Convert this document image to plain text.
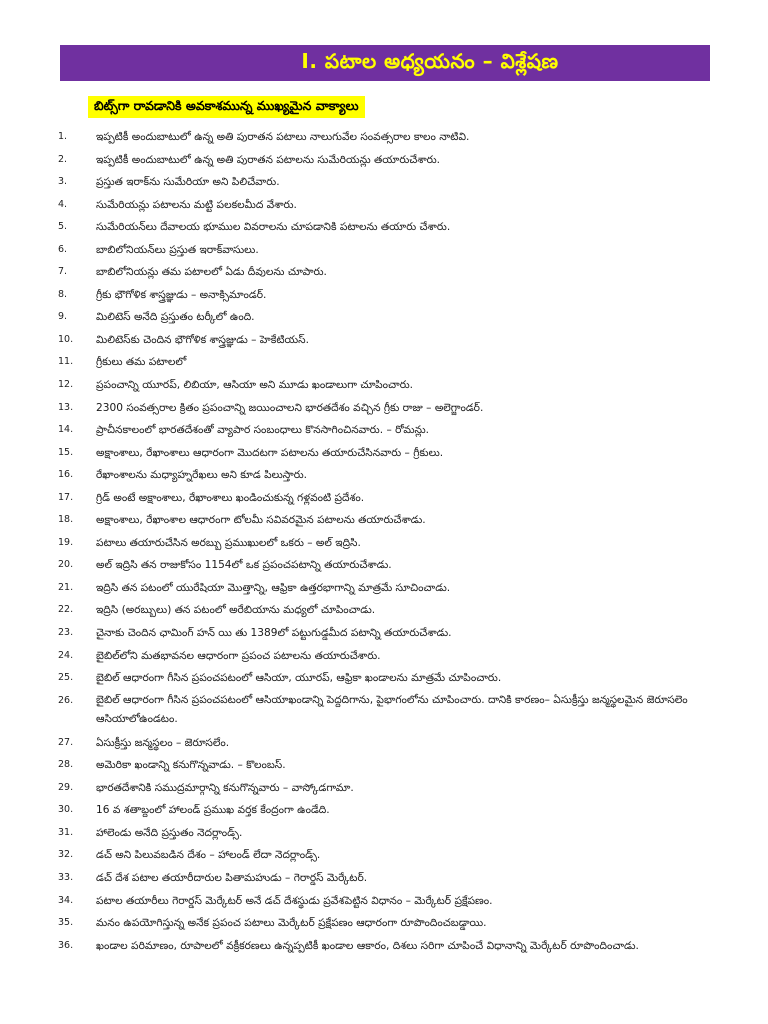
I. పటాల అధ్యయనం – విశ్లేషణ
బిట్స్‌గా రావడానికి అవకాశమున్న ముఖ్యమైన వాక్యాలు
1.	ఇప్పటికీ అందుబాటులో ఉన్న అతి పురాతన పటాలు నాలుగువేల సంవత్సరాల కాలం నాటివి.
2.	ఇప్పటికీ అందుబాటులో ఉన్న అతి పురాతన పటాలను సుమేరియన్లు తయారుచేశారు.
3.	ప్రస్తుత ఇరాక్‌ను సుమేరియా అని పిలిచేవారు.
4.	సుమేరియన్లు పటాలను మట్టి పలకలమీద వేశారు.
5.	సుమేరియన్‌లు దేవాలయ భూముల వివరాలను చూపడానికి పటాలను తయారు చేశారు.
6.	బాబిలోనియన్‌లు ప్రస్తుత ఇరాక్‌వాసులు.
7.	బాబిలోనియన్లు తమ పటాలలో ఏడు దీవులను చూపారు.
8.	గ్రీకు భౌగోళిక శాస్త్రజ్ఞుడు – అనాక్సిమాండర్.
9.	మిలిటెస్ అనేది ప్రస్తుతం టర్కీలో ఉంది.
10.	మిలిటెస్‌కు చెందిన భౌగోళిక శాస్త్రజ్ఞుడు – హెకేటియస్.
11.	గ్రీకులు తమ పటాలలో
12.	ప్రపంచాన్ని యూరప్, లిబియా, ఆసియా అని మూడు ఖండాలుగా చూపించారు.
13.	2300 సంవత్సరాల క్రితం ప్రపంచాన్ని జయించాలని భారతదేశం వచ్చిన గ్రీకు రాజు – అలెగ్జాండర్.
14.	ప్రాచీనకాలంలో భారతదేశంతో వ్యాపార సంబంధాలు కొనసాగించినవారు. – రోమన్లు.
15.	అక్షాంశాలు, రేఖాంశాలు ఆధారంగా మొదటగా పటాలను తయారుచేసినవారు – గ్రీకులు.
16.	రేఖాంశాలను మధ్యాహ్నరేఖలు అని కూడ పిలుస్తారు.
17.	గ్రిడ్ అంటే అక్షాంశాలు, రేఖాంశాలు ఖండించుకున్న గళ్లవంటి ప్రదేశం.
18.	అక్షాంశాలు, రేఖాంశాల ఆధారంగా టోలమీ సవివరమైన పటాలను తయారుచేశాడు.
19.	పటాలు తయారుచేసిన అరబ్బు ప్రముఖులలో ఒకరు – అల్ ఇద్రిసి.
20.	అల్ ఇద్రిసి తన రాజుకోసం 1154లో ఒక ప్రపంచపటాన్ని తయారుచేశాడు.
21.	ఇద్రిసి తన పటంలో యురేషియా మొత్తాన్ని, ఆఫ్రికా ఉత్తరభాగాన్ని మాత్రమే సూచించాడు.
22.	ఇద్రిసి (అరబ్బులు) తన పటంలో అరేబియాను మధ్యలో చూపించాడు.
23.	చైనాకు చెందిన ఛామింగ్ హన్ యి తు 1389లో పట్టుగుడ్డమీద పటాన్ని తయారుచేశాడు.
24.	బైబిల్‌లోని మతభావనల ఆధారంగా ప్రపంచ పటాలను తయారుచేశారు.
25.	బైబిల్ ఆధారంగా గీసిన ప్రపంచపటంలో ఆసియా, యూరప్, ఆఫ్రికా ఖండాలను మాత్రమే చూపించారు.
26.	బైబిల్ ఆధారంగా గీసిన ప్రపంచపటంలో ఆసియాఖండాన్ని పెద్దదిగాను, పైభాగంలోను చూపించారు. దానికి కారణం– ఏసుక్రీస్తు జన్మస్థలమైన జెరూసలెం ఆసియాలోఉండటం.
27.	ఏసుక్రీస్తు జన్మస్థలం – జెరూసలేం.
28.	అమెరికా ఖండాన్ని కనుగొన్నవాడు. – కొలంబస్.
29.	భారతదేశానికి సముద్రమార్గాన్ని కనుగొన్నవారు – వాస్కోడగామా.
30.	16 వ శతాబ్దంలో హాలండ్ ప్రముఖ వర్తక కేంద్రంగా ఉండేది.
31.	హాలెండు అనేది ప్రస్తుతం నెదర్లాండ్స్.
32.	డచ్ అని పిలువబడిన దేశం – హాలండ్ లేదా నెదర్లాండ్స్.
33.	డచ్ దేశ పటాల తయారీదారుల పితామహుడు – గెరార్డస్ మెర్కేటర్.
34.	పటాల తయారీలు గెరార్డస్ మెర్కేటర్ అనే డచ్ దేశస్థుడు ప్రవేశపెట్టిన విధానం – మెర్కేటర్ ప్రక్షేపణం.
35.	మనం ఉపయోగిస్తున్న అనేక ప్రపంచ పటాలు మెర్కేటర్ ప్రక్షేపణం ఆధారంగా రూపొందించబడ్డాయి.
36.	ఖండాల పరిమాణం, రూపాలలో వక్రీకరణలు ఉన్నప్పటికీ ఖండాల ఆకారం, దిశలు సరిగా చూపించే విధానాన్ని మెర్కేటర్ రూపొందించాడు.
